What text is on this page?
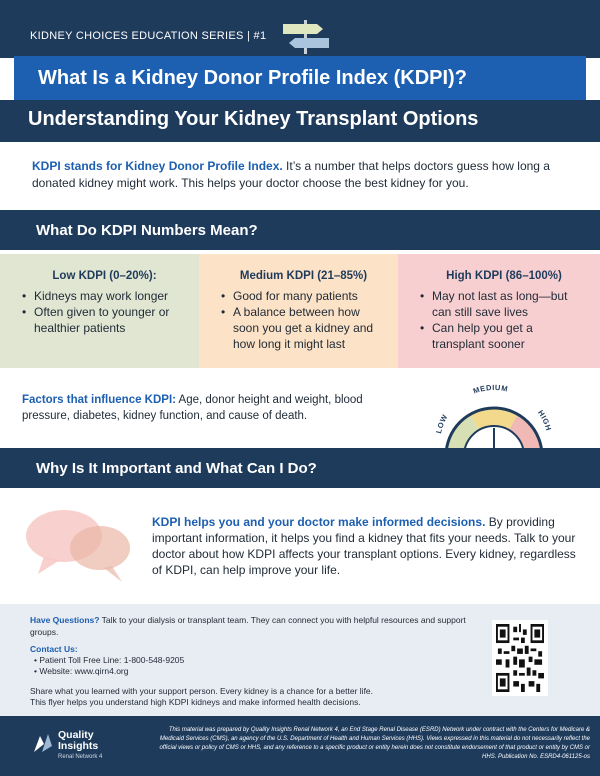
KIDNEY CHOICES EDUCATION SERIES | #1
What Is a Kidney Donor Profile Index (KDPI)?
Understanding Your Kidney Transplant Options

KDPI stands for Kidney Donor Profile Index. It’s a number that helps doctors guess how long a donated kidney might work. This helps your doctor choose the best kidney for you.

What Do KDPI Numbers Mean?
Low KDPI (0–20%):
• Kidneys may work longer
• Often given to younger or healthier patients
Medium KDPI (21–85%)
• Good for many patients
• A balance between how soon you get a kidney and how long it might last
High KDPI (86–100%)
• May not last as long—but can still save lives
• Can help you get a transplant sooner

Factors that influence KDPI: Age, donor height and weight, blood pressure, diabetes, kidney function, and cause of death.

LOW
MEDIUM
HIGH
Why Is It Important and What Can I Do?

KDPI helps you and your doctor make informed decisions. By providing important information, it helps you find a kidney that fits your needs. Talk to your doctor about how KDPI affects your transplant options. Every kidney, regardless of KDPI, can help improve your life.

Have Questions? Talk to your dialysis or transplant team. They can connect you with helpful resources and support groups.

Contact Us:
• Patient Toll Free Line: 1-800-548-9205
• Website: www.qirn4.org
Share what you learned with your support person. Every kidney is a chance for a better life.
This flyer helps you understand high KDPI kidneys and make informed health decisions.
Quality
Insights
Renal Network 4

This material was prepared by Quality Insights Renal Network 4, an End Stage Renal Disease (ESRD) Network under contract with the Centers for Medicare & Medicaid Services (CMS), an agency of the U.S. Department of Health and Human Services (HHS). Views expressed in this material do not necessarily reflect the official views or policy of CMS or HHS, and any reference to a specific product or entity herein does not constitute endorsement of that product or entity by CMS or HHS. Publication No. ESRD4-061125-os
